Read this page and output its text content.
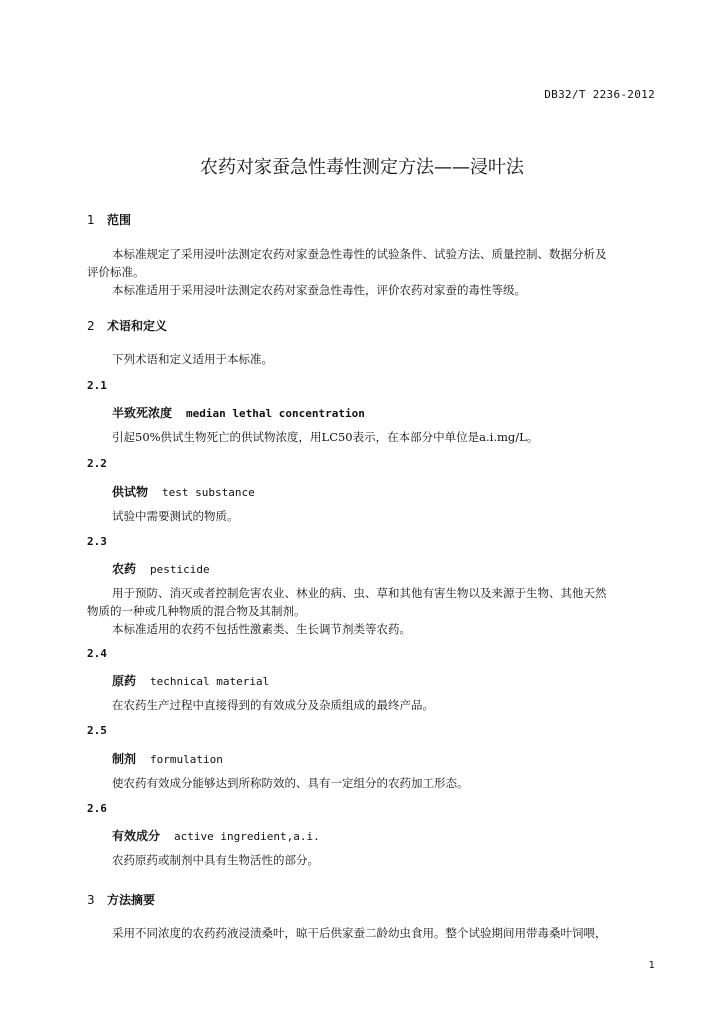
DB32/T 2236-2012
农药对家蚕急性毒性测定方法——浸叶法
1 范围
本标准规定了采用浸叶法测定农药对家蚕急性毒性的试验条件、试验方法、质量控制、数据分析及
评价标准。
本标准适用于采用浸叶法测定农药对家蚕急性毒性，评价农药对家蚕的毒性等级。
2 术语和定义
下列术语和定义适用于本标准。
2.1
半致死浓度 median lethal concentration
引起50%供试生物死亡的供试物浓度，用LC50表示，在本部分中单位是a.i.mg/L。
2.2
供试物 test substance
试验中需要测试的物质。
2.3
农药 pesticide
用于预防、消灭或者控制危害农业、林业的病、虫、草和其他有害生物以及来源于生物、其他天然
物质的一种或几种物质的混合物及其制剂。
本标准适用的农药不包括性激素类、生长调节剂类等农药。
2.4
原药 technical material
在农药生产过程中直接得到的有效成分及杂质组成的最终产品。
2.5
制剂 formulation
使农药有效成分能够达到所称防效的、具有一定组分的农药加工形态。
2.6
有效成分 active ingredient,a.i.
农药原药或制剂中具有生物活性的部分。
3 方法摘要
采用不同浓度的农药药液浸渍桑叶，晾干后供家蚕二龄幼虫食用。整个试验期间用带毒桑叶饲喂，
1
